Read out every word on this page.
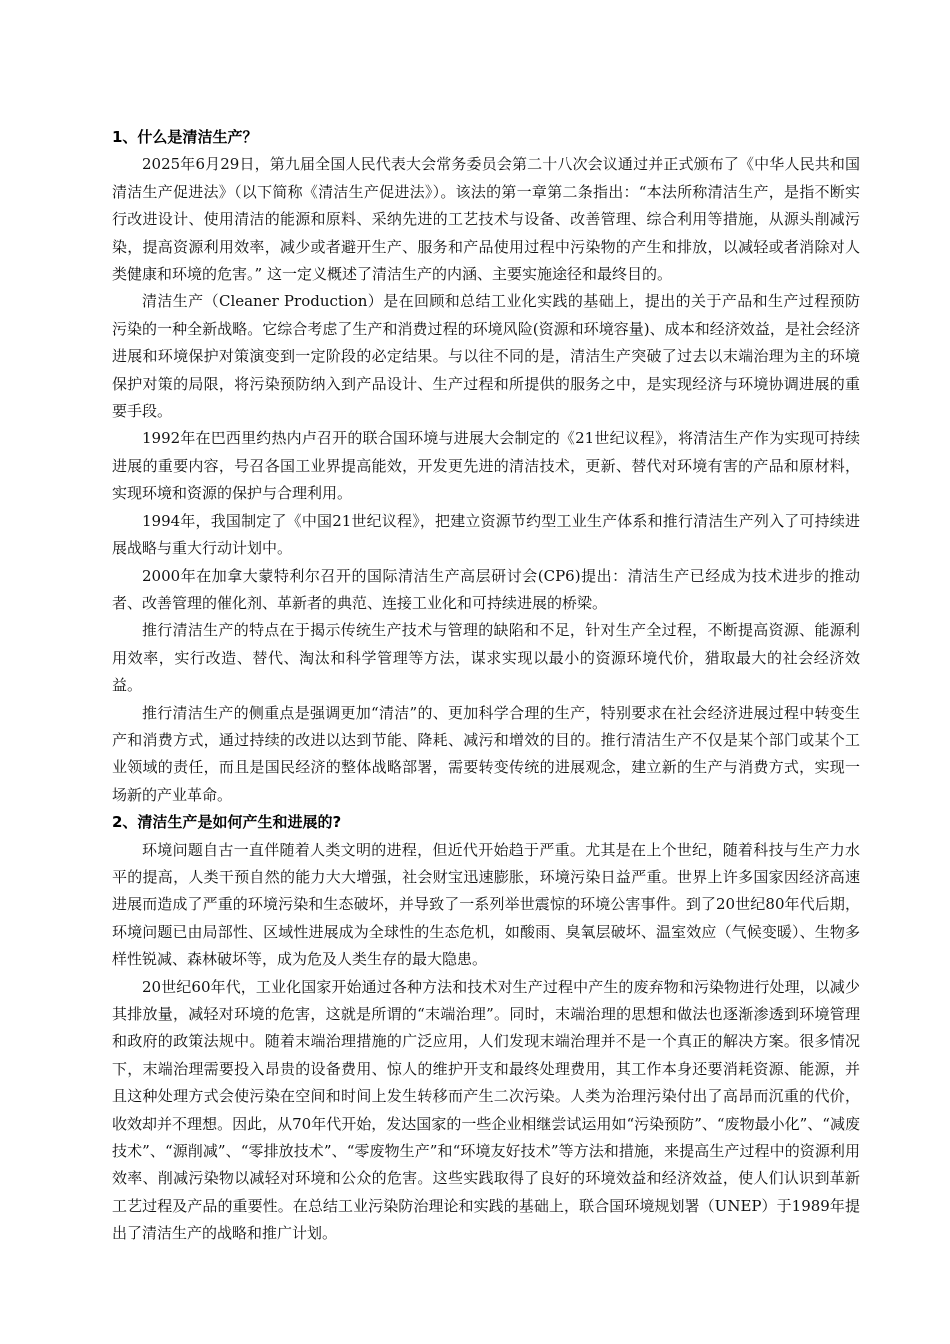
1、什么是清洁生产？

2025年6月29日，第九届全国人民代表大会常务委员会第二十八次会议通过并正式颁布了《中华人民共和国清洁生产促进法》（以下简称《清洁生产促进法》）。该法的第一章第二条指出：“本法所称清洁生产，是指不断实行改进设计、使用清洁的能源和原料、采纳先进的工艺技术与设备、改善管理、综合利用等措施，从源头削减污染，提高资源利用效率，减少或者避开生产、服务和产品使用过程中污染物的产生和排放，以减轻或者消除对人类健康和环境的危害。” 这一定义概述了清洁生产的内涵、主要实施途径和最终目的。

清洁生产（Cleaner Production）是在回顾和总结工业化实践的基础上，提出的关于产品和生产过程预防污染的一种全新战略。它综合考虑了生产和消费过程的环境风险(资源和环境容量)、成本和经济效益，是社会经济进展和环境保护对策演变到一定阶段的必定结果。与以往不同的是，清洁生产突破了过去以末端治理为主的环境保护对策的局限，将污染预防纳入到产品设计、生产过程和所提供的服务之中，是实现经济与环境协调进展的重要手段。

1992年在巴西里约热内卢召开的联合国环境与进展大会制定的《21世纪议程》，将清洁生产作为实现可持续进展的重要内容，号召各国工业界提高能效，开发更先进的清洁技术，更新、替代对环境有害的产品和原材料，实现环境和资源的保护与合理利用。

1994年，我国制定了《中国21世纪议程》，把建立资源节约型工业生产体系和推行清洁生产列入了可持续进展战略与重大行动计划中。

2000年在加拿大蒙特利尔召开的国际清洁生产高层研讨会(CP6)提出：清洁生产已经成为技术进步的推动者、改善管理的催化剂、革新者的典范、连接工业化和可持续进展的桥梁。

推行清洁生产的特点在于揭示传统生产技术与管理的缺陷和不足，针对生产全过程，不断提高资源、能源利用效率，实行改造、替代、淘汰和科学管理等方法，谋求实现以最小的资源环境代价，猎取最大的社会经济效益。

推行清洁生产的侧重点是强调更加“清洁”的、更加科学合理的生产，特别要求在社会经济进展过程中转变生产和消费方式，通过持续的改进以达到节能、降耗、减污和增效的目的。推行清洁生产不仅是某个部门或某个工业领域的责任，而且是国民经济的整体战略部署，需要转变传统的进展观念，建立新的生产与消费方式，实现一场新的产业革命。

2、清洁生产是如何产生和进展的?

环境问题自古一直伴随着人类文明的进程，但近代开始趋于严重。尤其是在上个世纪，随着科技与生产力水平的提高，人类干预自然的能力大大增强，社会财宝迅速膨胀，环境污染日益严重。世界上许多国家因经济高速进展而造成了严重的环境污染和生态破坏，并导致了一系列举世震惊的环境公害事件。到了20世纪80年代后期，环境问题已由局部性、区域性进展成为全球性的生态危机，如酸雨、臭氧层破坏、温室效应（气候变暖）、生物多样性锐减、森林破坏等，成为危及人类生存的最大隐患。

20世纪60年代，工业化国家开始通过各种方法和技术对生产过程中产生的废弃物和污染物进行处理，以减少其排放量，减轻对环境的危害，这就是所谓的“末端治理”。同时，末端治理的思想和做法也逐渐渗透到环境管理和政府的政策法规中。随着末端治理措施的广泛应用，人们发现末端治理并不是一个真正的解决方案。很多情况下，末端治理需要投入昂贵的设备费用、惊人的维护开支和最终处理费用，其工作本身还要消耗资源、能源，并且这种处理方式会使污染在空间和时间上发生转移而产生二次污染。人类为治理污染付出了高昂而沉重的代价，收效却并不理想。因此，从70年代开始，发达国家的一些企业相继尝试运用如“污染预防”、“废物最小化”、“减废技术”、“源削减”、“零排放技术”、“零废物生产”和“环境友好技术”等方法和措施，来提高生产过程中的资源利用效率、削减污染物以减轻对环境和公众的危害。这些实践取得了良好的环境效益和经济效益，使人们认识到革新工艺过程及产品的重要性。在总结工业污染防治理论和实践的基础上，联合国环境规划署（UNEP）于1989年提出了清洁生产的战略和推广计划。
